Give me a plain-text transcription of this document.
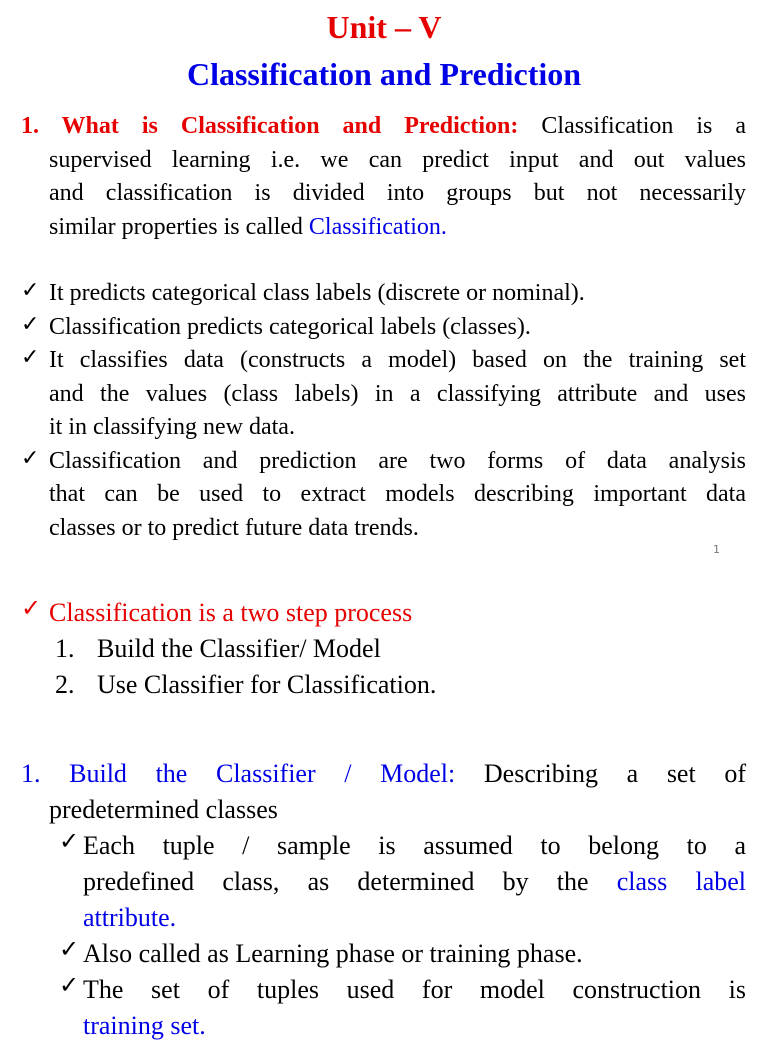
Unit – V
Classification and Prediction
1. What is Classification and Prediction: Classification is a
supervised learning i.e. we can predict input and out values
and classification is divided into groups but not necessarily
similar properties is called Classification.
✓ It predicts categorical class labels (discrete or nominal).
✓ Classification predicts categorical labels (classes).
✓ It classifies data (constructs a model) based on the training set
and the values (class labels) in a classifying attribute and uses
it in classifying new data.
✓ Classification and prediction are two forms of data analysis
that can be used to extract models describing important data
classes or to predict future data trends.
1
✓ Classification is a two step process
1. Build the Classifier/ Model
2. Use Classifier for Classification.
1. Build the Classifier / Model: Describing a set of
predetermined classes
✓ Each tuple / sample is assumed to belong to a
predefined class, as determined by the class label
attribute.
✓ Also called as Learning phase or training phase.
✓ The set of tuples used for model construction is
training set.
